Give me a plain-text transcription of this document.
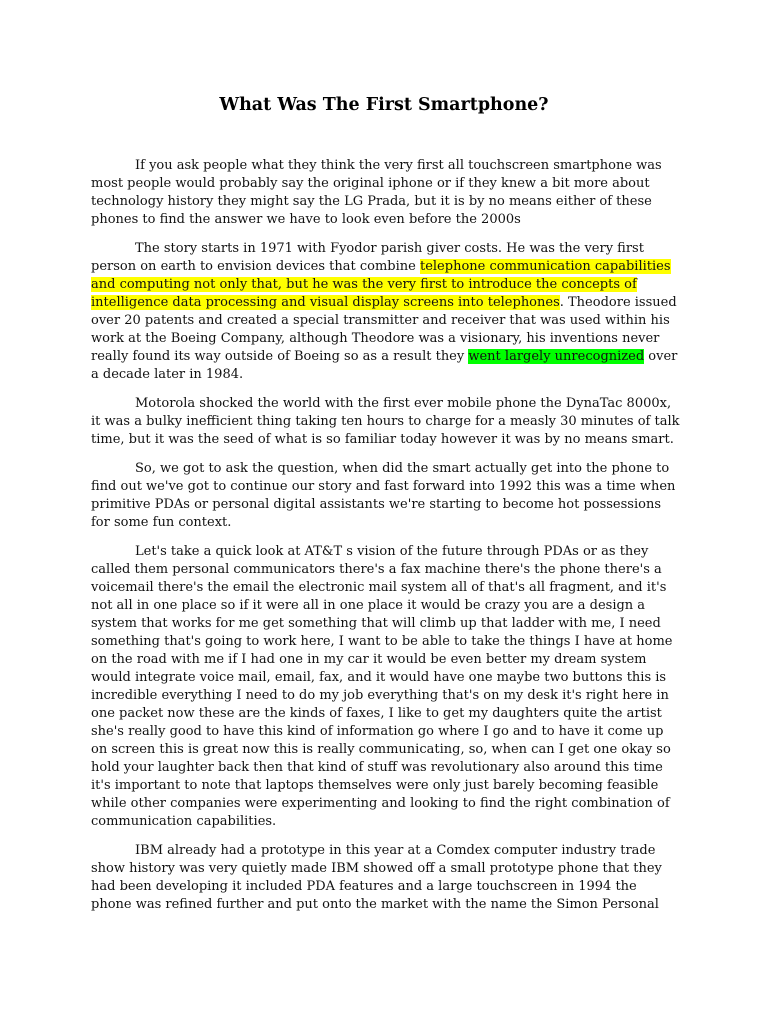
What Was The First Smartphone?

If you ask people what they think the very first all touchscreen smartphone was most people would probably say the original iphone or if they knew a bit more about technology history they might say the LG Prada, but it is by no means either of these phones to find the answer we have to look even before the 2000s

The story starts in 1971 with Fyodor parish giver costs. He was the very first person on earth to envision devices that combine telephone communication capabilities and computing not only that, but he was the very first to introduce the concepts of intelligence data processing and visual display screens into telephones. Theodore issued over 20 patents and created a special transmitter and receiver that was used within his work at the Boeing Company, although Theodore was a visionary, his inventions never really found its way outside of Boeing so as a result they went largely unrecognized over a decade later in 1984.

Motorola shocked the world with the first ever mobile phone the DynaTac 8000x, it was a bulky inefficient thing taking ten hours to charge for a measly 30 minutes of talk time, but it was the seed of what is so familiar today however it was by no means smart.

So, we got to ask the question, when did the smart actually get into the phone to find out we've got to continue our story and fast forward into 1992 this was a time when primitive PDAs or personal digital assistants we're starting to become hot possessions for some fun context.

Let's take a quick look at AT&T s vision of the future through PDAs or as they called them personal communicators there's a fax machine there's the phone there's a voicemail there's the email the electronic mail system all of that's all fragment, and it's not all in one place so if it were all in one place it would be crazy you are a design a system that works for me get something that will climb up that ladder with me, I need something that's going to work here, I want to be able to take the things I have at home on the road with me if I had one in my car it would be even better my dream system would integrate voice mail, email, fax, and it would have one maybe two buttons this is incredible everything I need to do my job everything that's on my desk it's right here in one packet now these are the kinds of faxes, I like to get my daughters quite the artist she's really good to have this kind of information go where I go and to have it come up on screen this is great now this is really communicating, so, when can I get one okay so hold your laughter back then that kind of stuff was revolutionary also around this time it's important to note that laptops themselves were only just barely becoming feasible while other companies were experimenting and looking to find the right combination of communication capabilities.

IBM already had a prototype in this year at a Comdex computer industry trade show history was very quietly made IBM showed off a small prototype phone that they had been developing it included PDA features and a large touchscreen in 1994 the phone was refined further and put onto the market with the name the Simon Personal
